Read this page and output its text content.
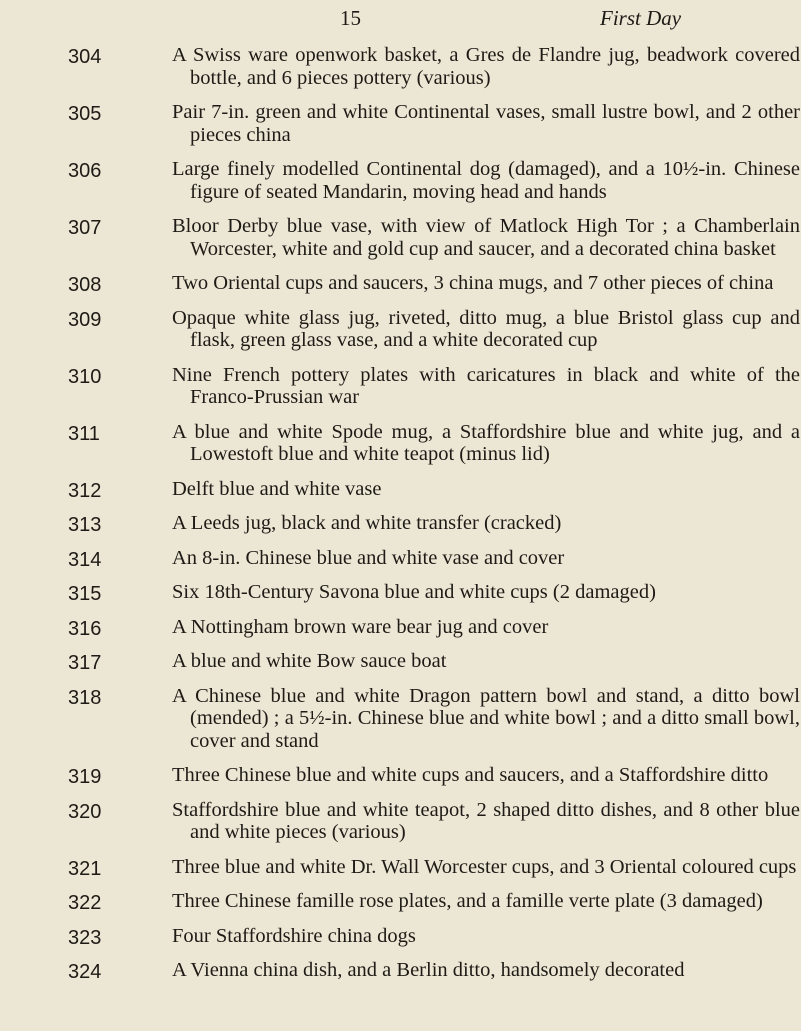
15	First Day
304	A Swiss ware openwork basket, a Gres de Flandre jug, beadwork covered bottle, and 6 pieces pottery (various)
305	Pair 7-in. green and white Continental vases, small lustre bowl, and 2 other pieces china
306	Large finely modelled Continental dog (damaged), and a 10½-in. Chinese figure of seated Mandarin, moving head and hands
307	Bloor Derby blue vase, with view of Matlock High Tor ; a Chamberlain Worcester, white and gold cup and saucer, and a decorated china basket
308	Two Oriental cups and saucers, 3 china mugs, and 7 other pieces of china
309	Opaque white glass jug, riveted, ditto mug, a blue Bristol glass cup and flask, green glass vase, and a white decorated cup
310	Nine French pottery plates with caricatures in black and white of the Franco-Prussian war
311	A blue and white Spode mug, a Staffordshire blue and white jug, and a Lowestoft blue and white teapot (minus lid)
312	Delft blue and white vase
313	A Leeds jug, black and white transfer (cracked)
314	An 8-in. Chinese blue and white vase and cover
315	Six 18th-Century Savona blue and white cups (2 damaged)
316	A Nottingham brown ware bear jug and cover
317	A blue and white Bow sauce boat
318	A Chinese blue and white Dragon pattern bowl and stand, a ditto bowl (mended) ; a 5½-in. Chinese blue and white bowl ; and a ditto small bowl, cover and stand
319	Three Chinese blue and white cups and saucers, and a Staffordshire ditto
320	Staffordshire blue and white teapot, 2 shaped ditto dishes, and 8 other blue and white pieces (various)
321	Three blue and white Dr. Wall Worcester cups, and 3 Oriental coloured cups
322	Three Chinese famille rose plates, and a famille verte plate (3 damaged)
323	Four Staffordshire china dogs
324	A Vienna china dish, and a Berlin ditto, handsomely decorated
